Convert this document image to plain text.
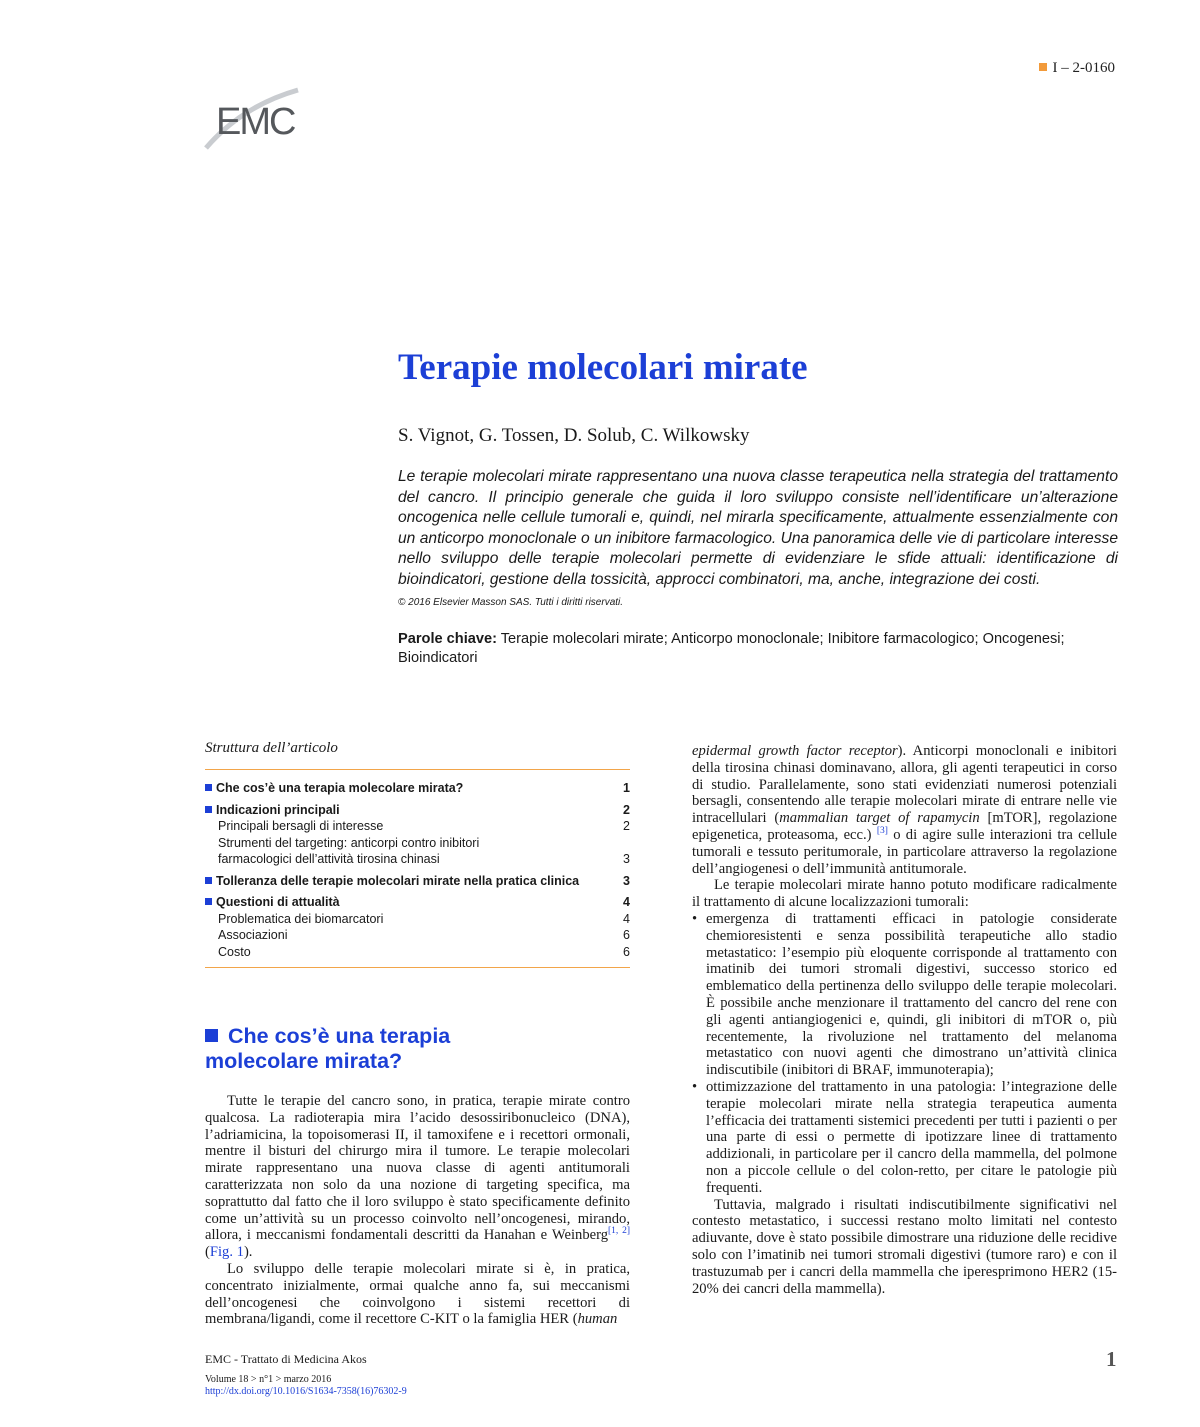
EMC
I – 2-0160
Terapie molecolari mirate
S. Vignot, G. Tossen, D. Solub, C. Wilkowsky

Le terapie molecolari mirate rappresentano una nuova classe terapeutica nella strategia del trattamento del cancro. Il principio generale che guida il loro sviluppo consiste nell’identificare un’alterazione oncogenica nelle cellule tumorali e, quindi, nel mirarla specificamente, attualmente essenzialmente con un anticorpo monoclonale o un inibitore farmacologico. Una panoramica delle vie di particolare interesse nello sviluppo delle terapie molecolari permette di evidenziare le sfide attuali: identificazione di bioindicatori, gestione della tossicità, approcci combinatori, ma, anche, integrazione dei costi.

© 2016 Elsevier Masson SAS. Tutti i diritti riservati.
Parole chiave: Terapie molecolari mirate; Anticorpo monoclonale; Inibitore farmacologico; Oncogenesi; Bioindicatori
Struttura dell’articolo
Che cos’è una terapia molecolare mirata?	1
Indicazioni principali	2
Principali bersagli di interesse	2
Strumenti del targeting: anticorpi contro inibitori
farmacologici dell’attività tirosina chinasi	3
Tolleranza delle terapie molecolari mirate nella pratica clinica	3
Questioni di attualità	4
Problematica dei biomarcatori	4
Associazioni	6
Costo	6
Che cos’è una terapia
molecolare mirata?

Tutte le terapie del cancro sono, in pratica, terapie mirate contro qualcosa. La radioterapia mira l’acido desossiribonucleico (DNA), l’adriamicina, la topoisomerasi II, il tamoxifene e i recettori ormonali, mentre il bisturi del chirurgo mira il tumore. Le terapie molecolari mirate rappresentano una nuova classe di agenti antitumorali caratterizzata non solo da una nozione di targeting specifica, ma soprattutto dal fatto che il loro sviluppo è stato specificamente definito come un’attività su un processo coinvolto nell’oncogenesi, mirando, allora, i meccanismi fondamentali descritti da Hanahan e Weinberg[1, 2] (Fig. 1).

Lo sviluppo delle terapie molecolari mirate si è, in pratica, concentrato inizialmente, ormai qualche anno fa, sui meccanismi dell’oncogenesi che coinvolgono i sistemi recettori di membrana/ligandi, come il recettore C-KIT o la famiglia HER (human

epidermal growth factor receptor). Anticorpi monoclonali e inibitori della tirosina chinasi dominavano, allora, gli agenti terapeutici in corso di studio. Parallelamente, sono stati evidenziati numerosi potenziali bersagli, consentendo alle terapie molecolari mirate di entrare nelle vie intracellulari (mammalian target of rapamycin [mTOR], regolazione epigenetica, proteasoma, ecc.) [3] o di agire sulle interazioni tra cellule tumorali e tessuto peritumorale, in particolare attraverso la regolazione dell’angiogenesi o dell’immunità antitumorale.

Le terapie molecolari mirate hanno potuto modificare radicalmente il trattamento di alcune localizzazioni tumorali:

• emergenza di trattamenti efficaci in patologie considerate chemioresistenti e senza possibilità terapeutiche allo stadio metastatico: l’esempio più eloquente corrisponde al trattamento con imatinib dei tumori stromali digestivi, successo storico ed emblematico della pertinenza dello sviluppo delle terapie molecolari. È possibile anche menzionare il trattamento del cancro del rene con gli agenti antiangiogenici e, quindi, gli inibitori di mTOR o, più recentemente, la rivoluzione nel trattamento del melanoma metastatico con nuovi agenti che dimostrano un’attività clinica indiscutibile (inibitori di BRAF, immunoterapia);
• ottimizzazione del trattamento in una patologia: l’integrazione delle terapie molecolari mirate nella strategia terapeutica aumenta l’efficacia dei trattamenti sistemici precedenti per tutti i pazienti o per una parte di essi o permette di ipotizzare linee di trattamento addizionali, in particolare per il cancro della mammella, del polmone non a piccole cellule o del colon-retto, per citare le patologie più frequenti.

Tuttavia, malgrado i risultati indiscutibilmente significativi nel contesto metastatico, i successi restano molto limitati nel contesto adiuvante, dove è stato possibile dimostrare una riduzione delle recidive solo con l’imatinib nei tumori stromali digestivi (tumore raro) e con il trastuzumab per i cancri della mammella che iperesprimono HER2 (15-20% dei cancri della mammella).

EMC - Trattato di Medicina Akos
Volume 18 > n°1 > marzo 2016
http://dx.doi.org/10.1016/S1634-7358(16)76302-9
1
